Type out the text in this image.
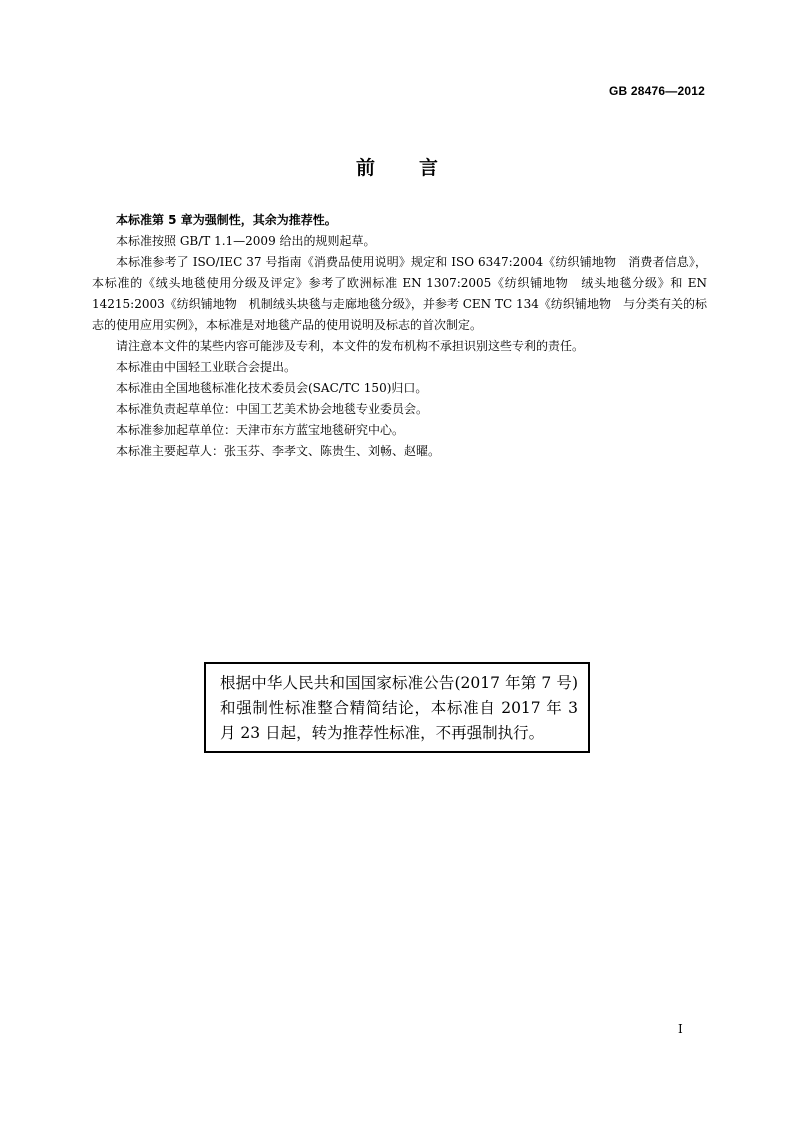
GB 28476—2012
前言

本标准第 5 章为强制性，其余为推荐性。

本标准按照 GB/T 1.1—2009 给出的规则起草。

本标准参考了 ISO/IEC 37 号指南《消费品使用说明》规定和 ISO 6347:2004《纺织铺地物　消费者信息》，本标准的《绒头地毯使用分级及评定》参考了欧洲标准 EN 1307:2005《纺织铺地物　绒头地毯分级》和 EN 14215:2003《纺织铺地物　机制绒头块毯与走廊地毯分级》，并参考 CEN TC 134《纺织铺地物　与分类有关的标志的使用应用实例》，本标准是对地毯产品的使用说明及标志的首次制定。

请注意本文件的某些内容可能涉及专利，本文件的发布机构不承担识别这些专利的责任。

本标准由中国轻工业联合会提出。

本标准由全国地毯标准化技术委员会(SAC/TC 150)归口。

本标准负责起草单位：中国工艺美术协会地毯专业委员会。

本标准参加起草单位：天津市东方蓝宝地毯研究中心。

本标准主要起草人：张玉芬、李孝文、陈贵生、刘畅、赵曜。

根据中华人民共和国国家标准公告(2017 年第 7 号)和强制性标准整合精简结论，本标准自 2017 年 3 月 23 日起，转为推荐性标准，不再强制执行。
I
